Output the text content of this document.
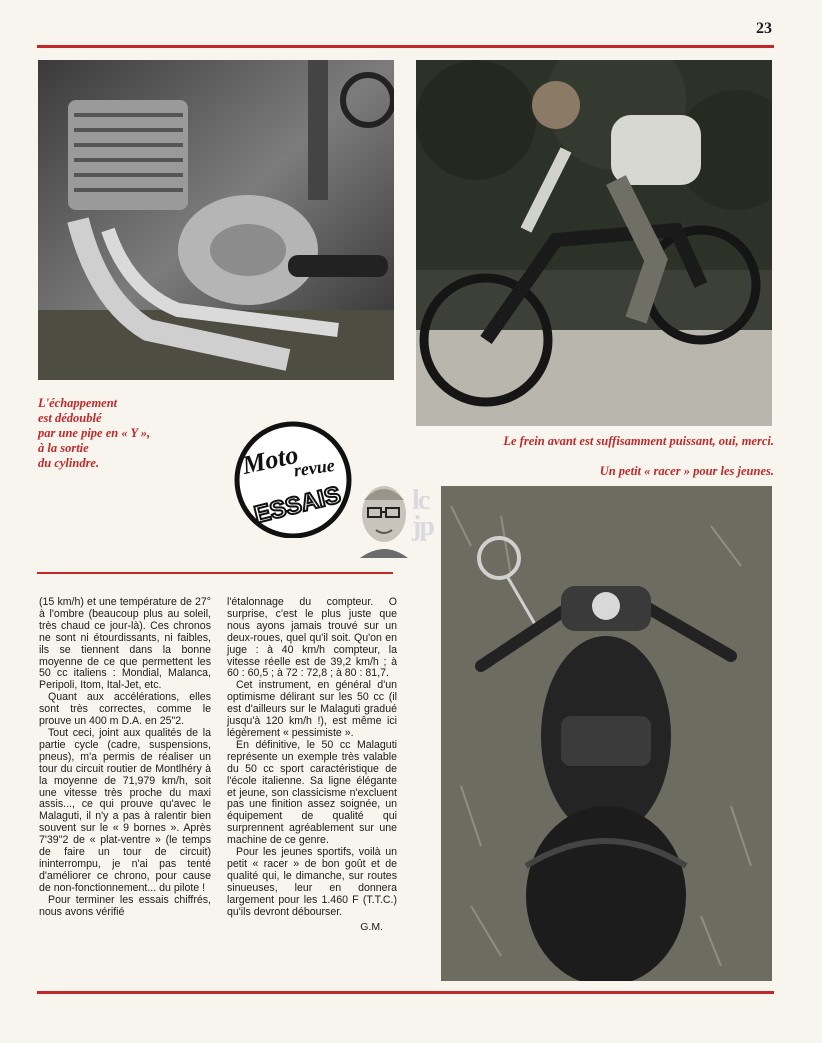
23
L'échappement
est dédoublé
par une pipe en « Y »,
à la sortie
du cylindre.	Moto
revue
ESSAIS lc jp
Le frein avant est suffisamment puissant, oui, merci.
Un petit « racer » pour les jeunes.

(15 km/h) et une température de 27° à l'ombre (beaucoup plus au soleil, très chaud ce jour-là). Ces chronos ne sont ni étourdissants, ni faibles, ils se tiennent dans la bonne moyenne de ce que permettent les 50 cc italiens : Mondial, Malanca, Peripoli, Itom, Ital-Jet, etc.

Quant aux accélérations, elles sont très correctes, comme le prouve un 400 m D.A. en 25"2.

Tout ceci, joint aux qualités de la partie cycle (cadre, suspensions, pneus), m'a permis de réaliser un tour du circuit routier de Montlhéry à la moyenne de 71,979 km/h, soit une vitesse très proche du maxi assis..., ce qui prouve qu'avec le Malaguti, il n'y a pas à ralentir bien souvent sur le « 9 bornes ». Après 7'39"2 de « plat-ventre » (le temps de faire un tour de circuit) ininterrompu, je n'ai pas tenté d'améliorer ce chrono, pour cause de non-fonctionnement... du pilote !

Pour terminer les essais chiffrés, nous avons vérifié

l'étalonnage du compteur. O surprise, c'est le plus juste que nous ayons jamais trouvé sur un deux-roues, quel qu'il soit. Qu'on en juge : à 40 km/h compteur, la vitesse réelle est de 39,2 km/h ; à 60 : 60,5 ; à 72 : 72,8 ; à 80 : 81,7.

Cet instrument, en général d'un optimisme délirant sur les 50 cc (il est d'ailleurs sur le Malaguti gradué jusqu'à 120 km/h !), est même ici légèrement « pessimiste ».

En définitive, le 50 cc Malaguti représente un exemple très valable du 50 cc sport caractéristique de l'école italienne. Sa ligne élégante et jeune, son classicisme n'excluent pas une finition assez soignée, un équipement de qualité qui surprennent agréablement sur une machine de ce genre.

Pour les jeunes sportifs, voilà un petit « racer » de bon goût et de qualité qui, le dimanche, sur routes sinueuses, leur en donnera largement pour les 1.460 F (T.T.C.) qu'ils devront débourser.

G.M.
